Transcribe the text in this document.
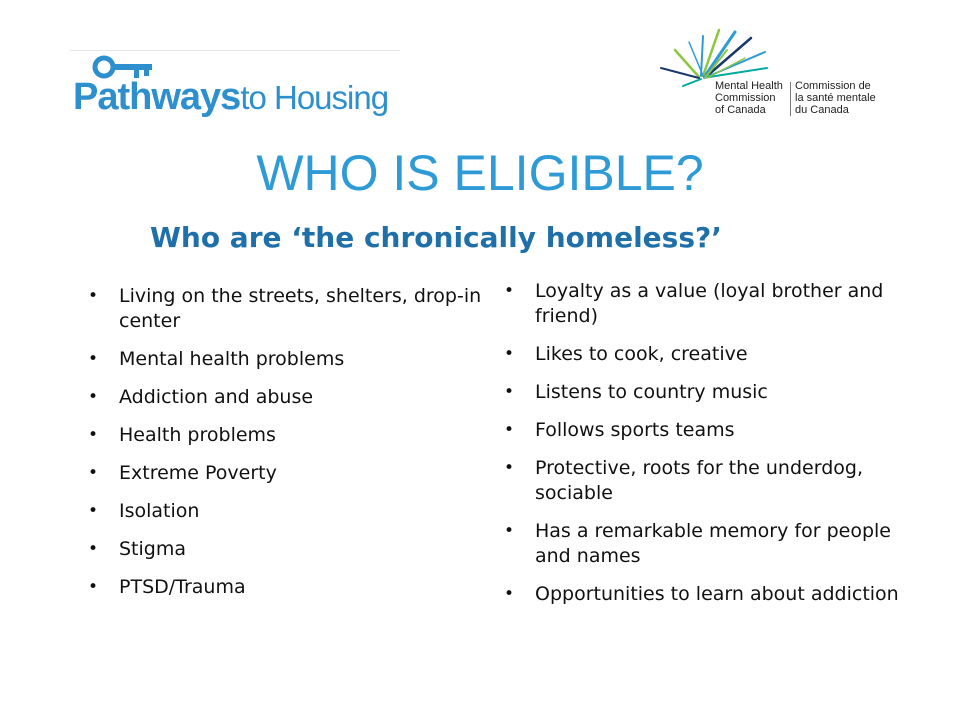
Pathwaysto Housing	Mental Health
Commission
of Canada
Commission de
la santé mentale
du Canada
WHO IS ELIGIBLE?
Who are ‘the chronically homeless?’
• Living on the streets, shelters, drop-in center
• Mental health problems
• Addiction and abuse
• Health problems
• Extreme Poverty
• Isolation
• Stigma
• PTSD/Trauma
• Loyalty as a value (loyal brother and friend)
• Likes to cook, creative
• Listens to country music
• Follows sports teams
• Protective, roots for the underdog, sociable
• Has a remarkable memory for people and names
• Opportunities to learn about addiction
